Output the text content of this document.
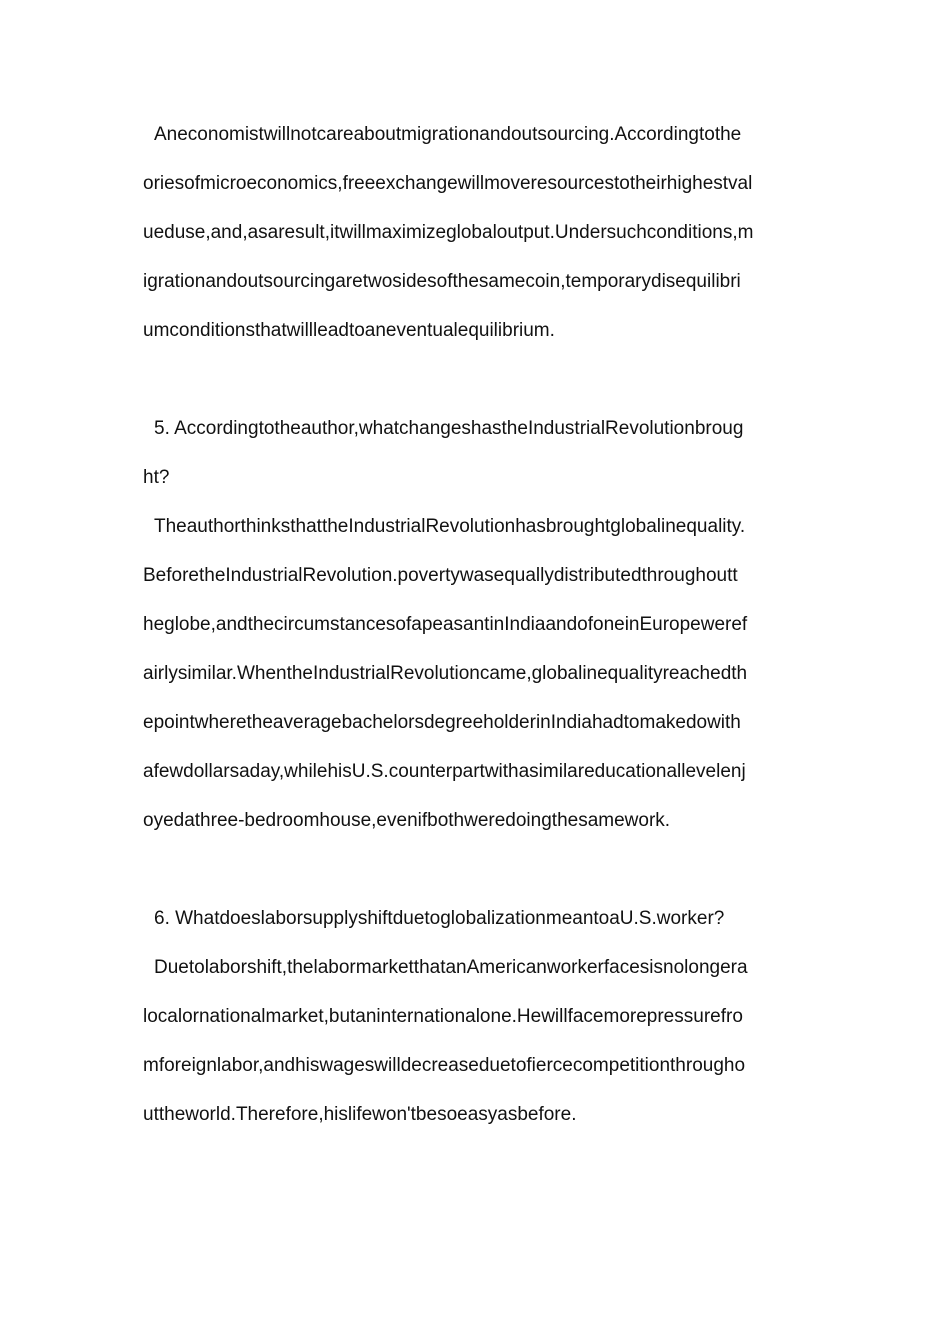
Aneconomistwillnotcareaboutmigrationandoutsourcing.Accordingtothe
oriesofmicroeconomics,freeexchangewillmoveresourcestotheirhighestval
ueduse,and,asaresult,itwillmaximizeglobaloutput.Undersuchconditions,m
igrationandoutsourcingaretwosidesofthesamecoin,temporarydisequilibri
umconditionsthatwillleadtoaneventualequilibrium.
5. Accordingtotheauthor,whatchangeshastheIndustrialRevolutionbroug
ht?
TheauthorthinksthattheIndustrialRevolutionhasbroughtglobalinequality.
BeforetheIndustrialRevolution.povertywasequallydistributedthroughoutt
heglobe,andthecircumstancesofapeasantinIndiaandofoneinEuropeweref
airlysimilar.WhentheIndustrialRevolutioncame,globalinequalityreachedth
epointwheretheaveragebachelorsdegreeholderinIndiahadtomakedowith
afewdollarsaday,whilehisU.S.counterpartwithasimilareducationallevelenj
oyedathree-bedroomhouse,evenifbothweredoingthesamework.
6. WhatdoeslaborsupplyshiftduetoglobalizationmeantoaU.S.worker?
Duetolaborshift,thelabormarketthatanAmericanworkerfacesisnolongera
localornationalmarket,butaninternationalone.Hewillfacemorepressurefro
mforeignlabor,andhiswageswilldecreaseduetofiercecompetitionthrougho
uttheworld.Therefore,hislifewon'tbesoeasyasbefore.
